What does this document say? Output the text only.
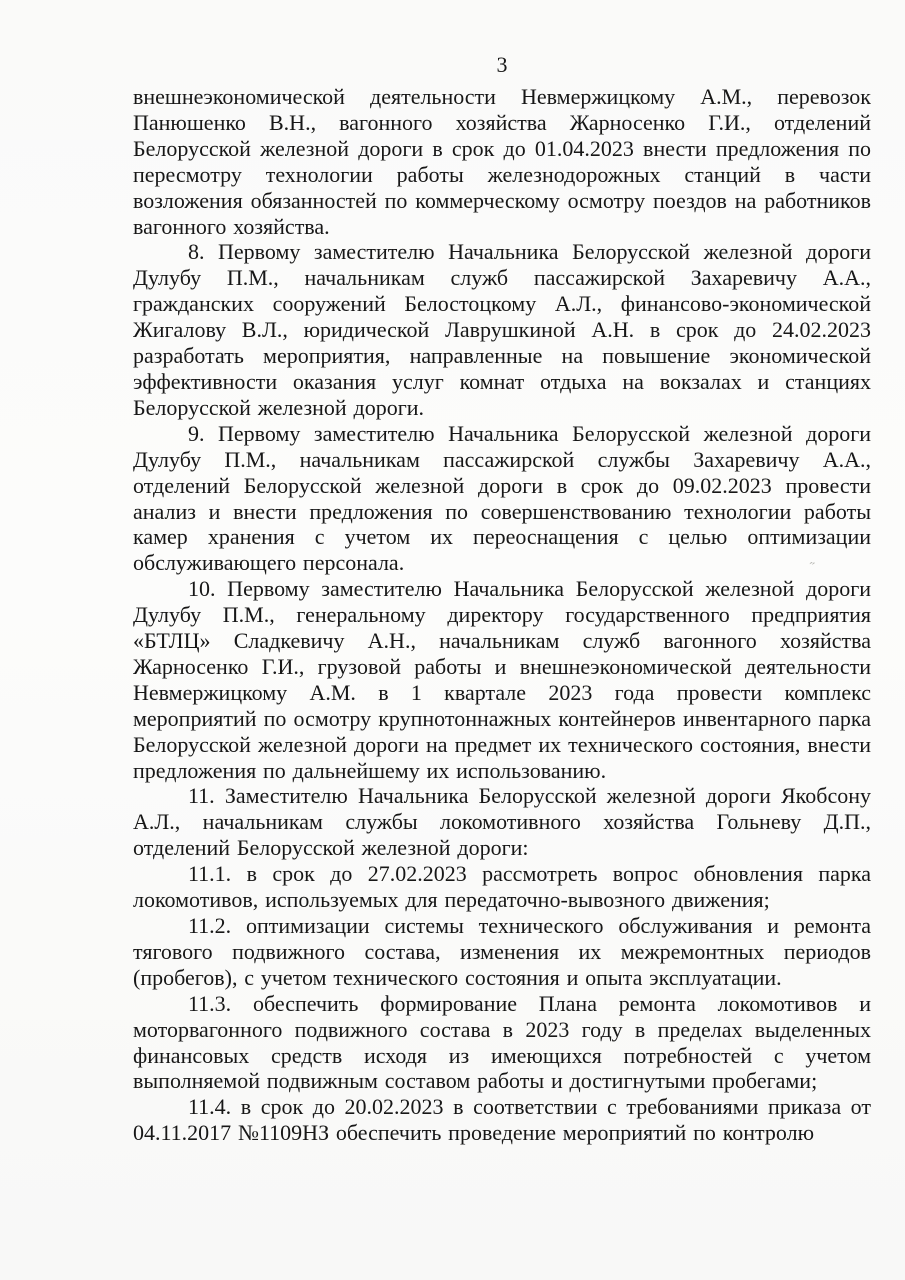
3

внешнеэкономической деятельности Невмержицкому А.М., перевозок Панюшенко В.Н., вагонного хозяйства Жарносенко Г.И., отделений Белорусской железной дороги в срок до 01.04.2023 внести предложения по пересмотру технологии работы железнодорожных станций в части возложения обязанностей по коммерческому осмотру поездов на работников вагонного хозяйства.

8. Первому заместителю Начальника Белорусской железной дороги Дулубу П.М., начальникам служб пассажирской Захаревичу А.А., гражданских сооружений Белостоцкому А.Л., финансово-экономической Жигалову В.Л., юридической Лаврушкиной А.Н. в срок до 24.02.2023 разработать мероприятия, направленные на повышение экономической эффективности оказания услуг комнат отдыха на вокзалах и станциях Белорусской железной дороги.

9. Первому заместителю Начальника Белорусской железной дороги Дулубу П.М., начальникам пассажирской службы Захаревичу А.А., отделений Белорусской железной дороги в срок до 09.02.2023 провести анализ и внести предложения по совершенствованию технологии работы камер хранения с учетом их переоснащения с целью оптимизации обслуживающего персонала.

10. Первому заместителю Начальника Белорусской железной дороги Дулубу П.М., генеральному директору государственного предприятия «БТЛЦ» Сладкевичу А.Н., начальникам служб вагонного хозяйства Жарносенко Г.И., грузовой работы и внешнеэкономической деятельности Невмержицкому А.М. в 1 квартале 2023 года провести комплекс мероприятий по осмотру крупнотоннажных контейнеров инвентарного парка Белорусской железной дороги на предмет их технического состояния, внести предложения по дальнейшему их использованию.

11. Заместителю Начальника Белорусской железной дороги Якобсону А.Л., начальникам службы локомотивного хозяйства Гольневу Д.П., отделений Белорусской железной дороги:

11.1. в срок до 27.02.2023 рассмотреть вопрос обновления парка локомотивов, используемых для передаточно-вывозного движения;

11.2. оптимизации системы технического обслуживания и ремонта тягового подвижного состава, изменения их межремонтных периодов (пробегов), с учетом технического состояния и опыта эксплуатации.

11.3. обеспечить формирование Плана ремонта локомотивов и моторвагонного подвижного состава в 2023 году в пределах выделенных финансовых средств исходя из имеющихся потребностей с учетом выполняемой подвижным составом работы и достигнутыми пробегами;

11.4. в срок до 20.02.2023 в соответствии с требованиями приказа от 04.11.2017 №1109НЗ обеспечить проведение мероприятий по контролю

˶
